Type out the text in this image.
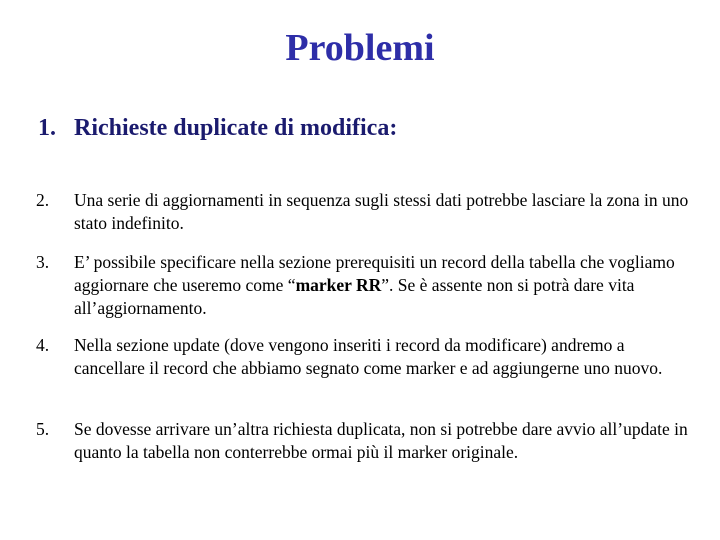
Problemi
1. Richieste duplicate di modifica:
2. Una serie di aggiornamenti in sequenza sugli stessi dati potrebbe lasciare la zona in uno stato indefinito.
3. E’ possibile specificare nella sezione prerequisiti un record della tabella che vogliamo aggiornare che useremo come “marker RR”. Se è assente non si potrà dare vita all’aggiornamento.
4. Nella sezione update (dove vengono inseriti i record da modificare) andremo a cancellare il record che abbiamo segnato come marker e ad aggiungerne uno nuovo.
5. Se dovesse arrivare un’altra richiesta duplicata, non si potrebbe dare avvio all’update in quanto la tabella non conterrebbe ormai più il marker originale.
